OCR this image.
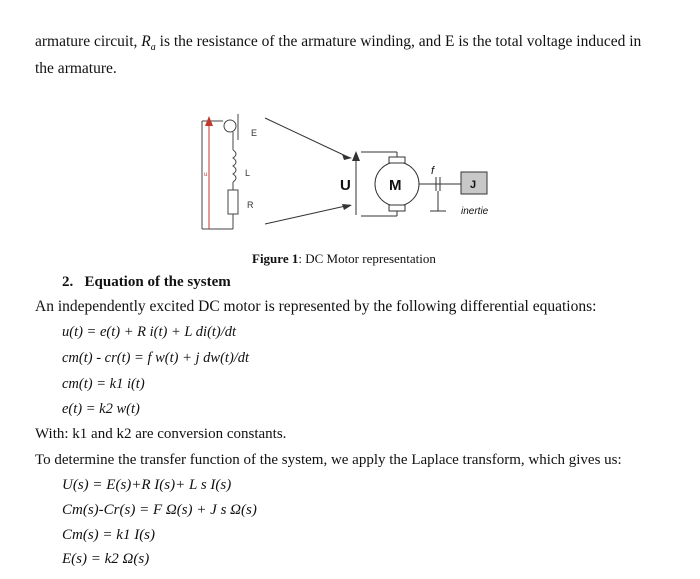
armature circuit, $R_a$ is the resistance of the armature winding, and E is the total voltage induced in
the armature.
E
L
R
u
U	M
f
J
inertie
Figure 1: DC Motor representation
2. Equation of the system
An independently excited DC motor is represented by the following differential equations:
u(t) = e(t) + R i(t) + L di(t)/dt
cm(t) - cr(t) = f w(t) + j dw(t)/dt
cm(t) = k1 i(t)
e(t) = k2 w(t)
With: k1 and k2 are conversion constants.
To determine the transfer function of the system, we apply the Laplace transform, which gives us:
U(s) = E(s)+R I(s)+ L s I(s)
Cm(s)-Cr(s) = F Ω(s) + J s Ω(s)
Cm(s) = k1 I(s)
E(s) = k2 Ω(s)
